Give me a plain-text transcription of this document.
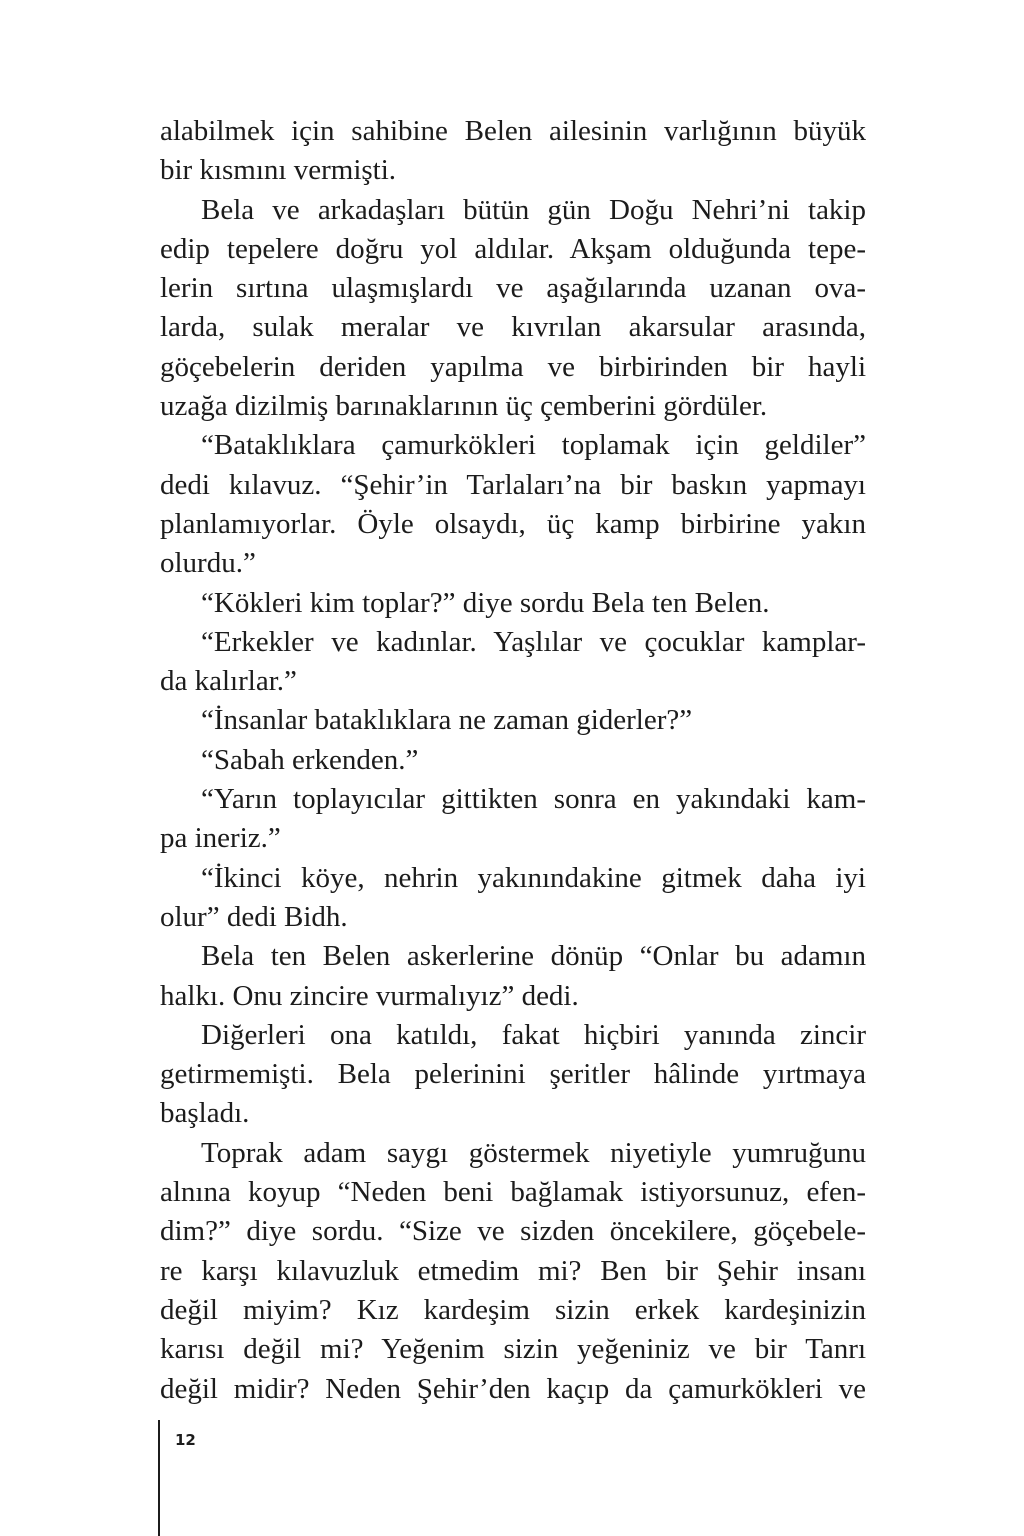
alabilmek için sahibine Belen ailesinin varlığının büyük
bir kısmını vermişti.
Bela ve arkadaşları bütün gün Doğu Nehri’ni takip
edip tepelere doğru yol aldılar. Akşam olduğunda tepe-
lerin sırtına ulaşmışlardı ve aşağılarında uzanan ova-
larda, sulak meralar ve kıvrılan akarsular arasında,
göçebelerin deriden yapılma ve birbirinden bir hayli
uzağa dizilmiş barınaklarının üç çemberini gördüler.
“Bataklıklara çamurkökleri toplamak için geldiler”
dedi kılavuz. “Şehir’in Tarlaları’na bir baskın yapmayı
planlamıyorlar. Öyle olsaydı, üç kamp birbirine yakın
olurdu.”
“Kökleri kim toplar?” diye sordu Bela ten Belen.
“Erkekler ve kadınlar. Yaşlılar ve çocuklar kamplar-
da kalırlar.”
“İnsanlar bataklıklara ne zaman giderler?”
“Sabah erkenden.”
“Yarın toplayıcılar gittikten sonra en yakındaki kam-
pa ineriz.”
“İkinci köye, nehrin yakınındakine gitmek daha iyi
olur” dedi Bidh.
Bela ten Belen askerlerine dönüp “Onlar bu adamın
halkı. Onu zincire vurmalıyız” dedi.
Diğerleri ona katıldı, fakat hiçbiri yanında zincir
getirmemişti. Bela pelerinini şeritler hâlinde yırtmaya
başladı.
Toprak adam saygı göstermek niyetiyle yumruğunu
alnına koyup “Neden beni bağlamak istiyorsunuz, efen-
dim?” diye sordu. “Size ve sizden öncekilere, göçebele-
re karşı kılavuzluk etmedim mi? Ben bir Şehir insanı
değil miyim? Kız kardeşim sizin erkek kardeşinizin
karısı değil mi? Yeğenim sizin yeğeniniz ve bir Tanrı
değil midir? Neden Şehir’den kaçıp da çamurkökleri ve
12
